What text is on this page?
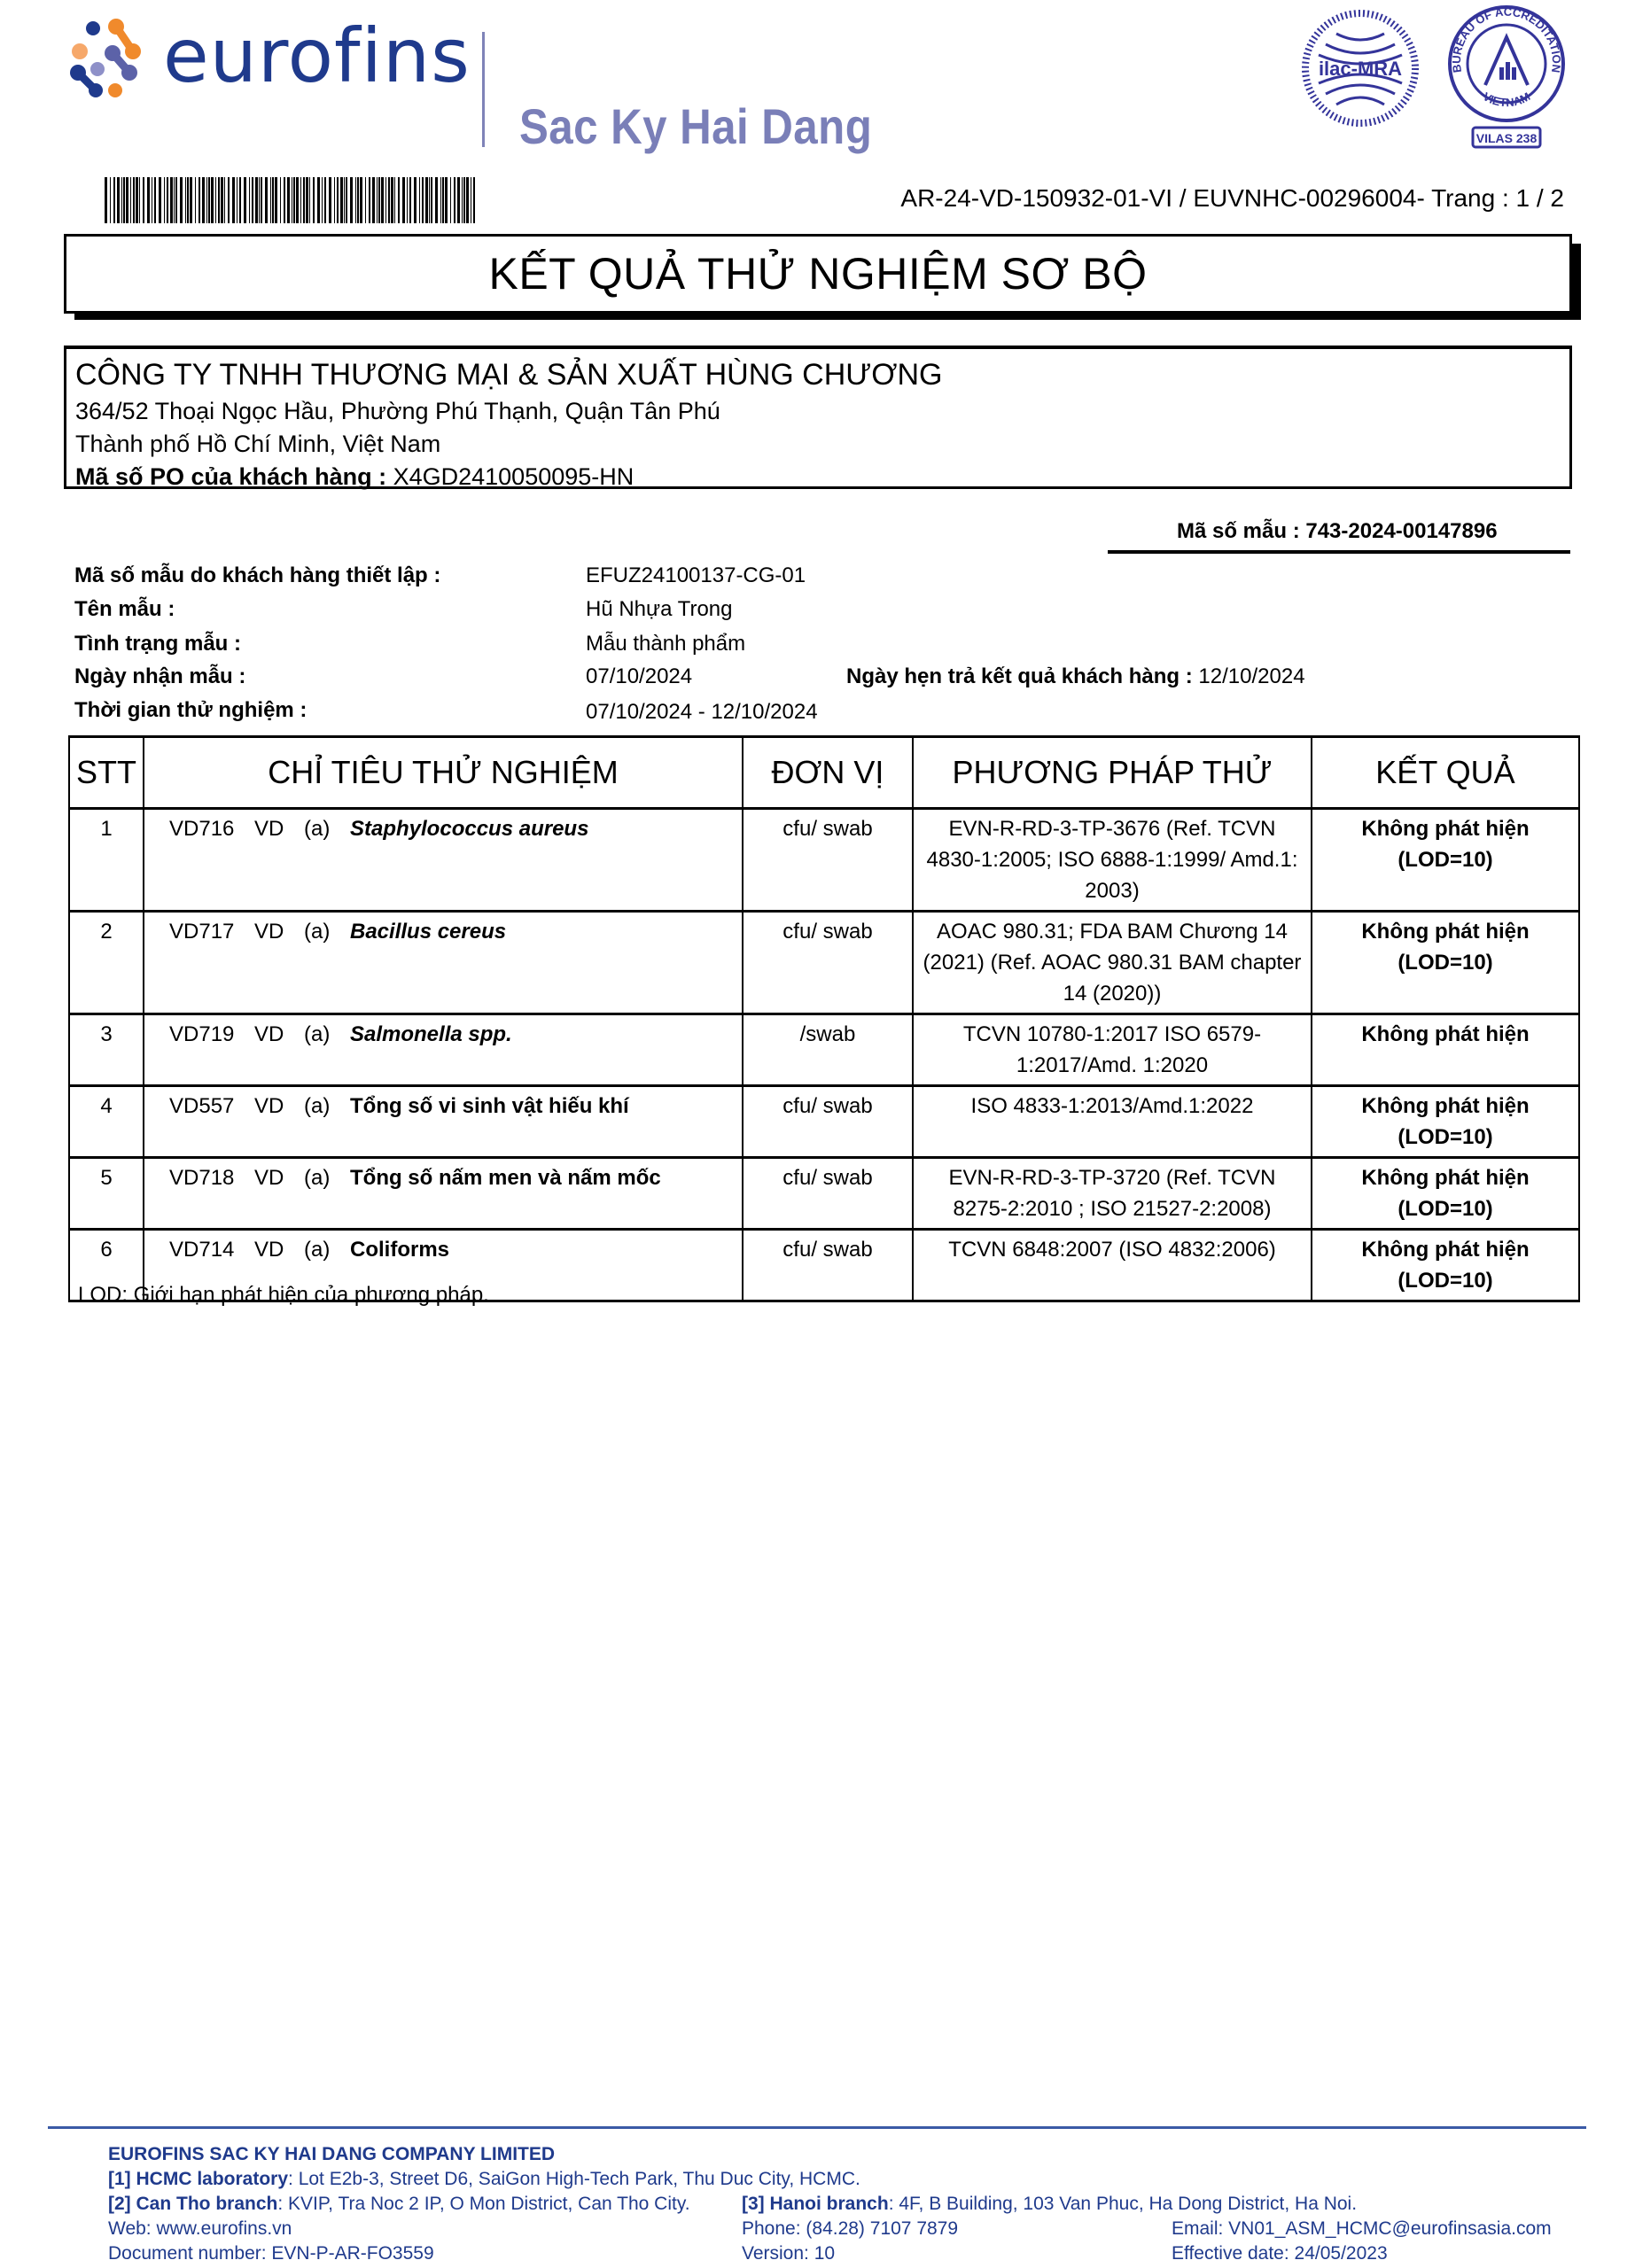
eurofins
Sac Ky Hai Dang
ilac-MRA	BUREAU OF ACCREDITATION
VIETNAM
VILAS 238
AR-24-VD-150932-01-VI / EUVNHC-00296004- Trang : 1 / 2
KẾT QUẢ THỬ NGHIỆM SƠ BỘ
CÔNG TY TNHH THƯƠNG MẠI & SẢN XUẤT HÙNG CHƯƠNG
364/52 Thoại Ngọc Hầu, Phường Phú Thạnh, Quận Tân Phú
Thành phố Hồ Chí Minh, Việt Nam
Mã số PO của khách hàng : X4GD2410050095-HN
Mã số mẫu : 743-2024-00147896
Mã số mẫu do khách hàng thiết lập :	EFUZ24100137-CG-01
Tên mẫu :	Hũ Nhựa Trong
Tình trạng mẫu :	Mẫu thành phẩm
Ngày nhận mẫu :	07/10/2024
Thời gian thử nghiệm :	07/10/2024 - 12/10/2024
Ngày hẹn trả kết quả khách hàng : 12/10/2024
STT	CHỈ TIÊU THỬ NGHIỆM	ĐƠN VỊ	PHƯƠNG PHÁP THỬ	KẾT QUẢ
1	VD716 VD (a) Staphylococcus aureus	cfu/ swab	EVN-R-RD-3-TP-3676 (Ref. TCVN 4830-1:2005; ISO 6888-1:1999/ Amd.1: 2003)	Không phát hiện
(LOD=10)

2	VD717 VD (a) Bacillus cereus	cfu/ swab	AOAC 980.31; FDA BAM Chương 14 (2021) (Ref. AOAC 980.31 BAM chapter 14 (2020))	Không phát hiện
(LOD=10)

3	VD719 VD (a) Salmonella spp.	/swab	TCVN 10780-1:2017 ISO 6579-1:2017/Amd. 1:2020	Không phát hiện

4	VD557 VD (a) Tổng số vi sinh vật hiếu khí	cfu/ swab	ISO 4833-1:2013/Amd.1:2022	Không phát hiện
(LOD=10)

5	VD718 VD (a) Tổng số nấm men và nấm mốc	cfu/ swab	EVN-R-RD-3-TP-3720 (Ref. TCVN 8275-2:2010 ; ISO 21527-2:2008)	Không phát hiện
(LOD=10)

6	VD714 VD (a) Coliforms	cfu/ swab	TCVN 6848:2007 (ISO 4832:2006)	Không phát hiện
(LOD=10)
LOD: Giới hạn phát hiện của phương pháp.
EUROFINS SAC KY HAI DANG COMPANY LIMITED
[1] HCMC laboratory: Lot E2b-3, Street D6, SaiGon High-Tech Park, Thu Duc City, HCMC.
[2] Can Tho branch: KVIP, Tra Noc 2 IP, O Mon District, Can Tho City.	[3] Hanoi branch: 4F, B Building, 103 Van Phuc, Ha Dong District, Ha Noi.
Web: www.eurofins.vn	Phone: (84.28) 7107 7879	Email: VN01_ASM_HCMC@eurofinsasia.com
Document number: EVN-P-AR-FO3559	Version: 10	Effective date: 24/05/2023
